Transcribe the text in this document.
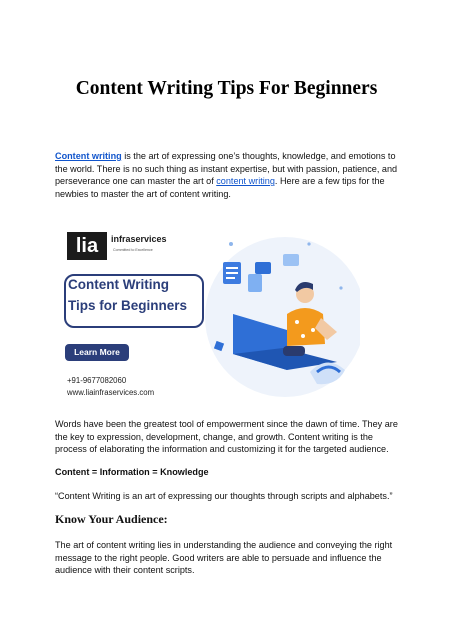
Content Writing Tips For Beginners
Content writing is the art of expressing one’s thoughts, knowledge, and emotions to the world. There is no such thing as instant expertise, but with passion, patience, and perseverance one can master the art of content writing. Here are a few tips for the newbies to master the art of content writing.
lia	infraservices
Committed to Excellence
Content Writing
Tips for Beginners
Learn More
+91-9677082060
www.liainfraservices.com
Words have been the greatest tool of empowerment since the dawn of time. They are the key to expression, development, change, and growth. Content writing is the process of elaborating the information and customizing it for the targeted audience.
Content = Information = Knowledge
“Content Writing is an art of expressing our thoughts through scripts and alphabets.”
Know Your Audience:
The art of content writing lies in understanding the audience and conveying the right message to the right people. Good writers are able to persuade and influence the audience with their content scripts.
